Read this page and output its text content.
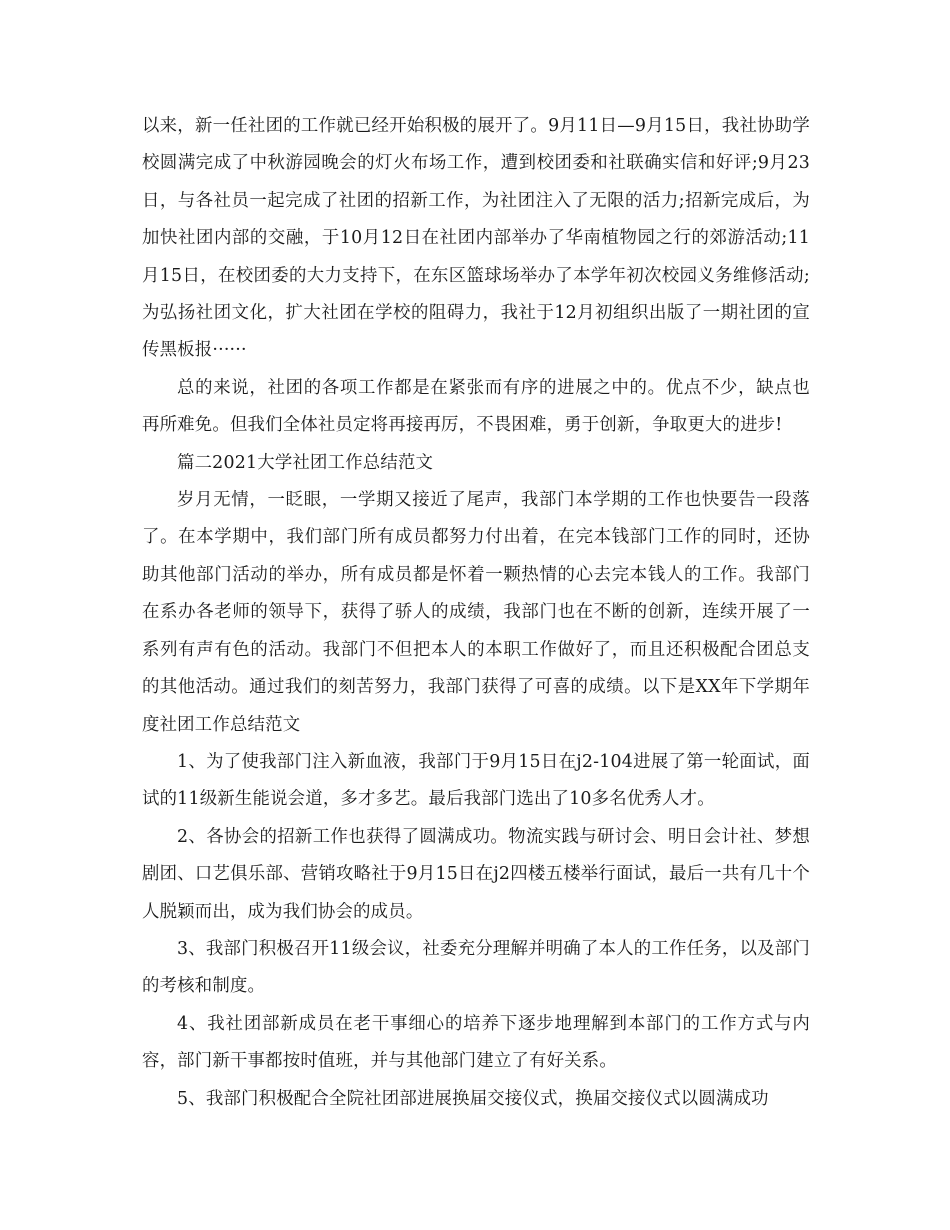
以来，新一任社团的工作就已经开始积极的展开了。9月11日—9月15日，我社协助学校圆满完成了中秋游园晚会的灯火布场工作，遭到校团委和社联确实信和好评;9月23日，与各社员一起完成了社团的招新工作，为社团注入了无限的活力;招新完成后，为加快社团内部的交融，于10月12日在社团内部举办了华南植物园之行的郊游活动;11月15日，在校团委的大力支持下，在东区篮球场举办了本学年初次校园义务维修活动;为弘扬社团文化，扩大社团在学校的阻碍力，我社于12月初组织出版了一期社团的宣传黑板报······

总的来说，社团的各项工作都是在紧张而有序的进展之中的。优点不少，缺点也再所难免。但我们全体社员定将再接再厉，不畏困难，勇于创新，争取更大的进步!

篇二2021大学社团工作总结范文

岁月无情，一眨眼，一学期又接近了尾声，我部门本学期的工作也快要告一段落了。在本学期中，我们部门所有成员都努力付出着，在完本钱部门工作的同时，还协助其他部门活动的举办，所有成员都是怀着一颗热情的心去完本钱人的工作。我部门在系办各老师的领导下，获得了骄人的成绩，我部门也在不断的创新，连续开展了一系列有声有色的活动。我部门不但把本人的本职工作做好了，而且还积极配合团总支的其他活动。通过我们的刻苦努力，我部门获得了可喜的成绩。以下是XX年下学期年度社团工作总结范文

1、为了使我部门注入新血液，我部门于9月15日在j2-104进展了第一轮面试，面试的11级新生能说会道，多才多艺。最后我部门选出了10多名优秀人才。

2、各协会的招新工作也获得了圆满成功。物流实践与研讨会、明日会计社、梦想剧团、口艺俱乐部、营销攻略社于9月15日在j2四楼五楼举行面试，最后一共有几十个人脱颖而出，成为我们协会的成员。

3、我部门积极召开11级会议，社委充分理解并明确了本人的工作任务，以及部门的考核和制度。

4、我社团部新成员在老干事细心的培养下逐步地理解到本部门的工作方式与内容，部门新干事都按时值班，并与其他部门建立了有好关系。

5、我部门积极配合全院社团部进展换届交接仪式，换届交接仪式以圆满成功
